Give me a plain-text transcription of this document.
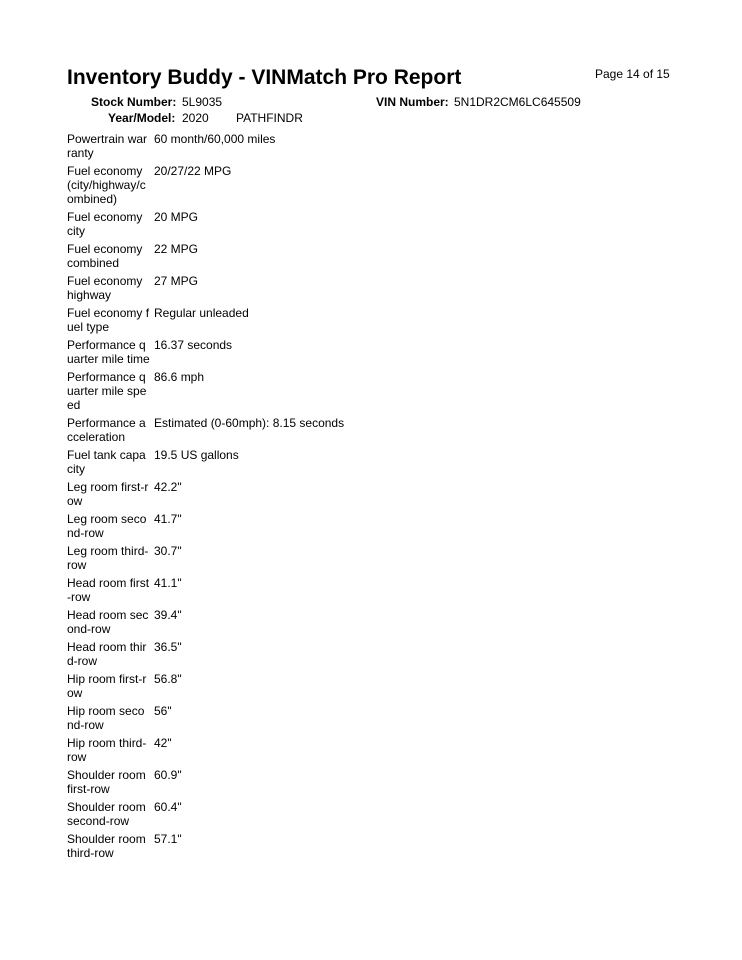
Page 14 of 15
Inventory Buddy - VINMatch Pro Report
Stock Number: 5L9035	VIN Number: 5N1DR2CM6LC645509
Year/Model: 2020 PATHFINDR
Powertrain warranty
60 month/60,000 miles
Fuel economy (city/highway/combined)
20/27/22 MPG
Fuel economy city
20 MPG
Fuel economy combined
22 MPG
Fuel economy highway
27 MPG
Fuel economy fuel type
Regular unleaded
Performance quarter mile time
16.37 seconds
Performance quarter mile speed
86.6 mph
Performance acceleration
Estimated (0-60mph): 8.15 seconds
Fuel tank capacity
19.5 US gallons
Leg room first-row
42.2"
Leg room second-row
41.7"
Leg room third-row
30.7"
Head room first-row
41.1"
Head room second-row
39.4"
Head room third-row
36.5"
Hip room first-row
56.8"
Hip room second-row
56"
Hip room third-row
42"
Shoulder room first-row
60.9"
Shoulder room second-row
60.4"
Shoulder room third-row
57.1"
